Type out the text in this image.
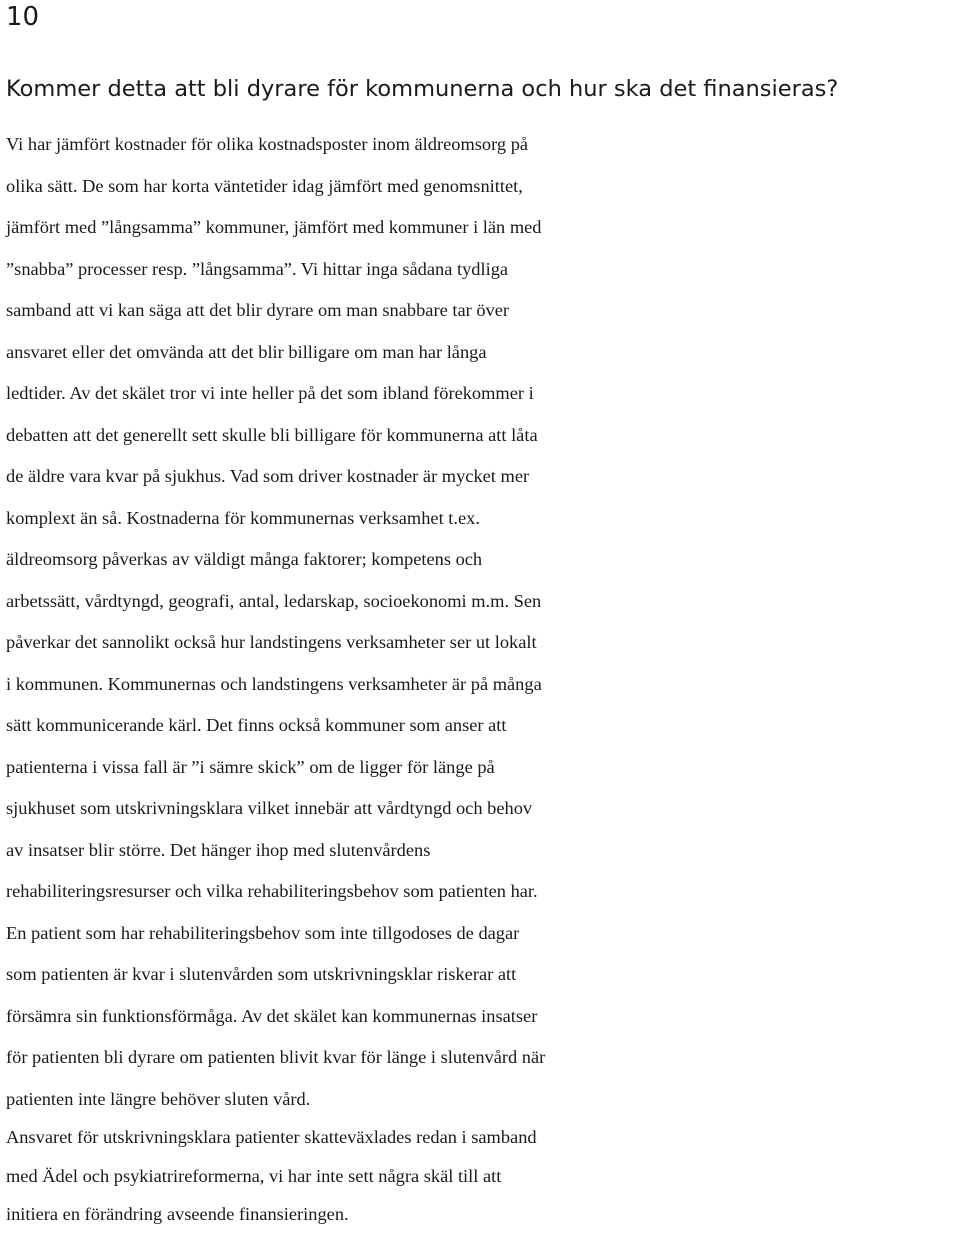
10
Kommer detta att bli dyrare för kommunerna och hur ska det finansieras?

Vi har jämfört kostnader för olika kostnadsposter inom äldreomsorg på
olika sätt. De som har korta väntetider idag jämfört med genomsnittet,
jämfört med ”långsamma” kommuner, jämfört med kommuner i län med
”snabba” processer resp. ”långsamma”. Vi hittar inga sådana tydliga
samband att vi kan säga att det blir dyrare om man snabbare tar över
ansvaret eller det omvända att det blir billigare om man har långa
ledtider. Av det skälet tror vi inte heller på det som ibland förekommer i
debatten att det generellt sett skulle bli billigare för kommunerna att låta
de äldre vara kvar på sjukhus. Vad som driver kostnader är mycket mer
komplext än så. Kostnaderna för kommunernas verksamhet t.ex.
äldreomsorg påverkas av väldigt många faktorer; kompetens och
arbetssätt, vårdtyngd, geografi, antal, ledarskap, socioekonomi m.m. Sen
påverkar det sannolikt också hur landstingens verksamheter ser ut lokalt
i kommunen. Kommunernas och landstingens verksamheter är på många
sätt kommunicerande kärl. Det finns också kommuner som anser att
patienterna i vissa fall är ”i sämre skick” om de ligger för länge på
sjukhuset som utskrivningsklara vilket innebär att vårdtyngd och behov
av insatser blir större. Det hänger ihop med slutenvårdens
rehabiliteringsresurser och vilka rehabiliteringsbehov som patienten har.
En patient som har rehabiliteringsbehov som inte tillgodoses de dagar
som patienten är kvar i slutenvården som utskrivningsklar riskerar att
försämra sin funktionsförmåga. Av det skälet kan kommunernas insatser
för patienten bli dyrare om patienten blivit kvar för länge i slutenvård när
patienten inte längre behöver sluten vård.

Ansvaret för utskrivningsklara patienter skatteväxlades redan i samband
med Ädel och psykiatrireformerna, vi har inte sett några skäl till att
initiera en förändring avseende finansieringen.
